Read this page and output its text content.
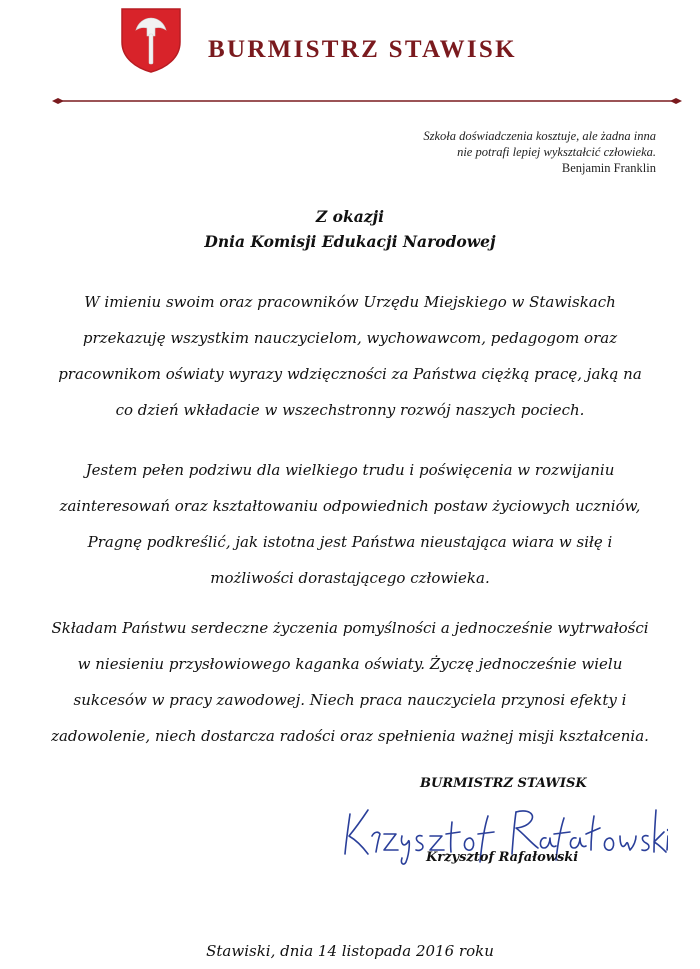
BURMISTRZ STAWISK
Szkoła doświadczenia kosztuje, ale żadna inna
nie potrafi lepiej wykształcić człowieka.
Benjamin Franklin
Z okazji
Dnia Komisji Edukacji Narodowej
W imieniu swoim oraz pracowników Urzędu Miejskiego w Stawiskach
przekazuję wszystkim nauczycielom, wychowawcom, pedagogom oraz
pracownikom oświaty wyrazy wdzięczności za Państwa ciężką pracę, jaką na
co dzień wkładacie w wszechstronny rozwój naszych pociech.
Jestem pełen podziwu dla wielkiego trudu i poświęcenia w rozwijaniu
zainteresowań oraz kształtowaniu odpowiednich postaw życiowych uczniów,
Pragnę podkreślić, jak istotna jest Państwa nieustająca wiara w siłę i
możliwości dorastającego człowieka.
Składam Państwu serdeczne życzenia pomyślności a jednocześnie wytrwałości
w niesieniu przysłowiowego kaganka oświaty. Życzę jednocześnie wielu
sukcesów w pracy zawodowej. Niech praca nauczyciela przynosi efekty i
zadowolenie, niech dostarcza radości oraz spełnienia ważnej misji kształcenia.
BURMISTRZ STAWISK
Krzysztof Rafałowski
Stawiski, dnia 14 listopada 2016 roku
